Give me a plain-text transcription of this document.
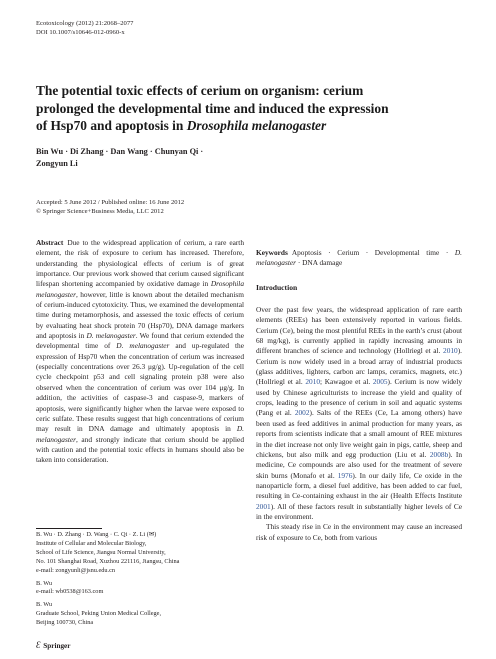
Ecotoxicology (2012) 21:2068–2077
DOI 10.1007/s10646-012-0960-x
The potential toxic effects of cerium on organism: cerium
prolonged the developmental time and induced the expression
of Hsp70 and apoptosis in Drosophila melanogaster
Bin Wu · Di Zhang · Dan Wang · Chunyan Qi ·
Zongyun Li
Accepted: 5 June 2012 / Published online: 16 June 2012
© Springer Science+Business Media, LLC 2012

Abstract Due to the widespread application of cerium, a rare earth element, the risk of exposure to cerium has increased. Therefore, understanding the physiological effects of cerium is of great importance. Our previous work showed that cerium caused significant lifespan shortening accompanied by oxidative damage in Drosophila melanogaster, however, little is known about the detailed mechanism of cerium-induced cytotoxicity. Thus, we examined the developmental time during metamorphosis, and assessed the toxic effects of cerium by evaluating heat shock protein 70 (Hsp70), DNA damage markers and apoptosis in D. melanogaster. We found that cerium extended the developmental time of D. melanogaster and up-regulated the expression of Hsp70 when the concentration of cerium was increased (especially concentrations over 26.3 μg/g). Up-regulation of the cell cycle checkpoint p53 and cell signaling protein p38 were also observed when the concentration of cerium was over 104 μg/g. In addition, the activities of caspase-3 and caspase-9, markers of apoptosis, were significantly higher when the larvae were exposed to ceric sulfate. These results suggest that high concentrations of cerium may result in DNA damage and ultimately apoptosis in D. melanogaster, and strongly indicate that cerium should be applied with caution and the potential toxic effects in humans should also be taken into consideration.

B. Wu · D. Zhang · D. Wang · C. Qi · Z. Li (✉)
Institute of Cellular and Molecular Biology,
School of Life Science, Jiangsu Normal University,
No. 101 Shanghai Road, Xuzhou 221116, Jiangsu, China
e-mail: zongyunli@jsnu.edu.cn
B. Wu
e-mail: wb0538@163.com
B. Wu
Graduate School, Peking Union Medical College,
Beijing 100730, China

Keywords Apoptosis · Cerium · Developmental time · D. melanogaster · DNA damage

Introduction

Over the past few years, the widespread application of rare earth elements (REEs) has been extensively reported in various fields. Cerium (Ce), being the most plentiful REEs in the earth’s crust (about 68 mg/kg), is currently applied in rapidly increasing amounts in different branches of science and technology (Hollriegl et al. 2010). Cerium is now widely used in a broad array of industrial products (glass additives, lighters, carbon arc lamps, ceramics, magnets, etc.) (Hollriegl et al. 2010; Kawagoe et al. 2005). Cerium is now widely used by Chinese agriculturists to increase the yield and quality of crops, leading to the presence of cerium in soil and aquatic systems (Pang et al. 2002). Salts of the REEs (Ce, La among others) have been used as feed additives in animal production for many years, as reports from scientists indicate that a small amount of REE mixtures in the diet increase not only live weight gain in pigs, cattle, sheep and chickens, but also milk and egg production (Liu et al. 2008b). In medicine, Ce compounds are also used for the treatment of severe skin burns (Monafo et al. 1976). In our daily life, Ce oxide in the nanoparticle form, a diesel fuel additive, has been added to car fuel, resulting in Ce-containing exhaust in the air (Health Effects Institute 2001). All of these factors result in substantially higher levels of Ce in the environment.

This steady rise in Ce in the environment may cause an increased risk of exposure to Ce, both from various

Ɛ Springer
